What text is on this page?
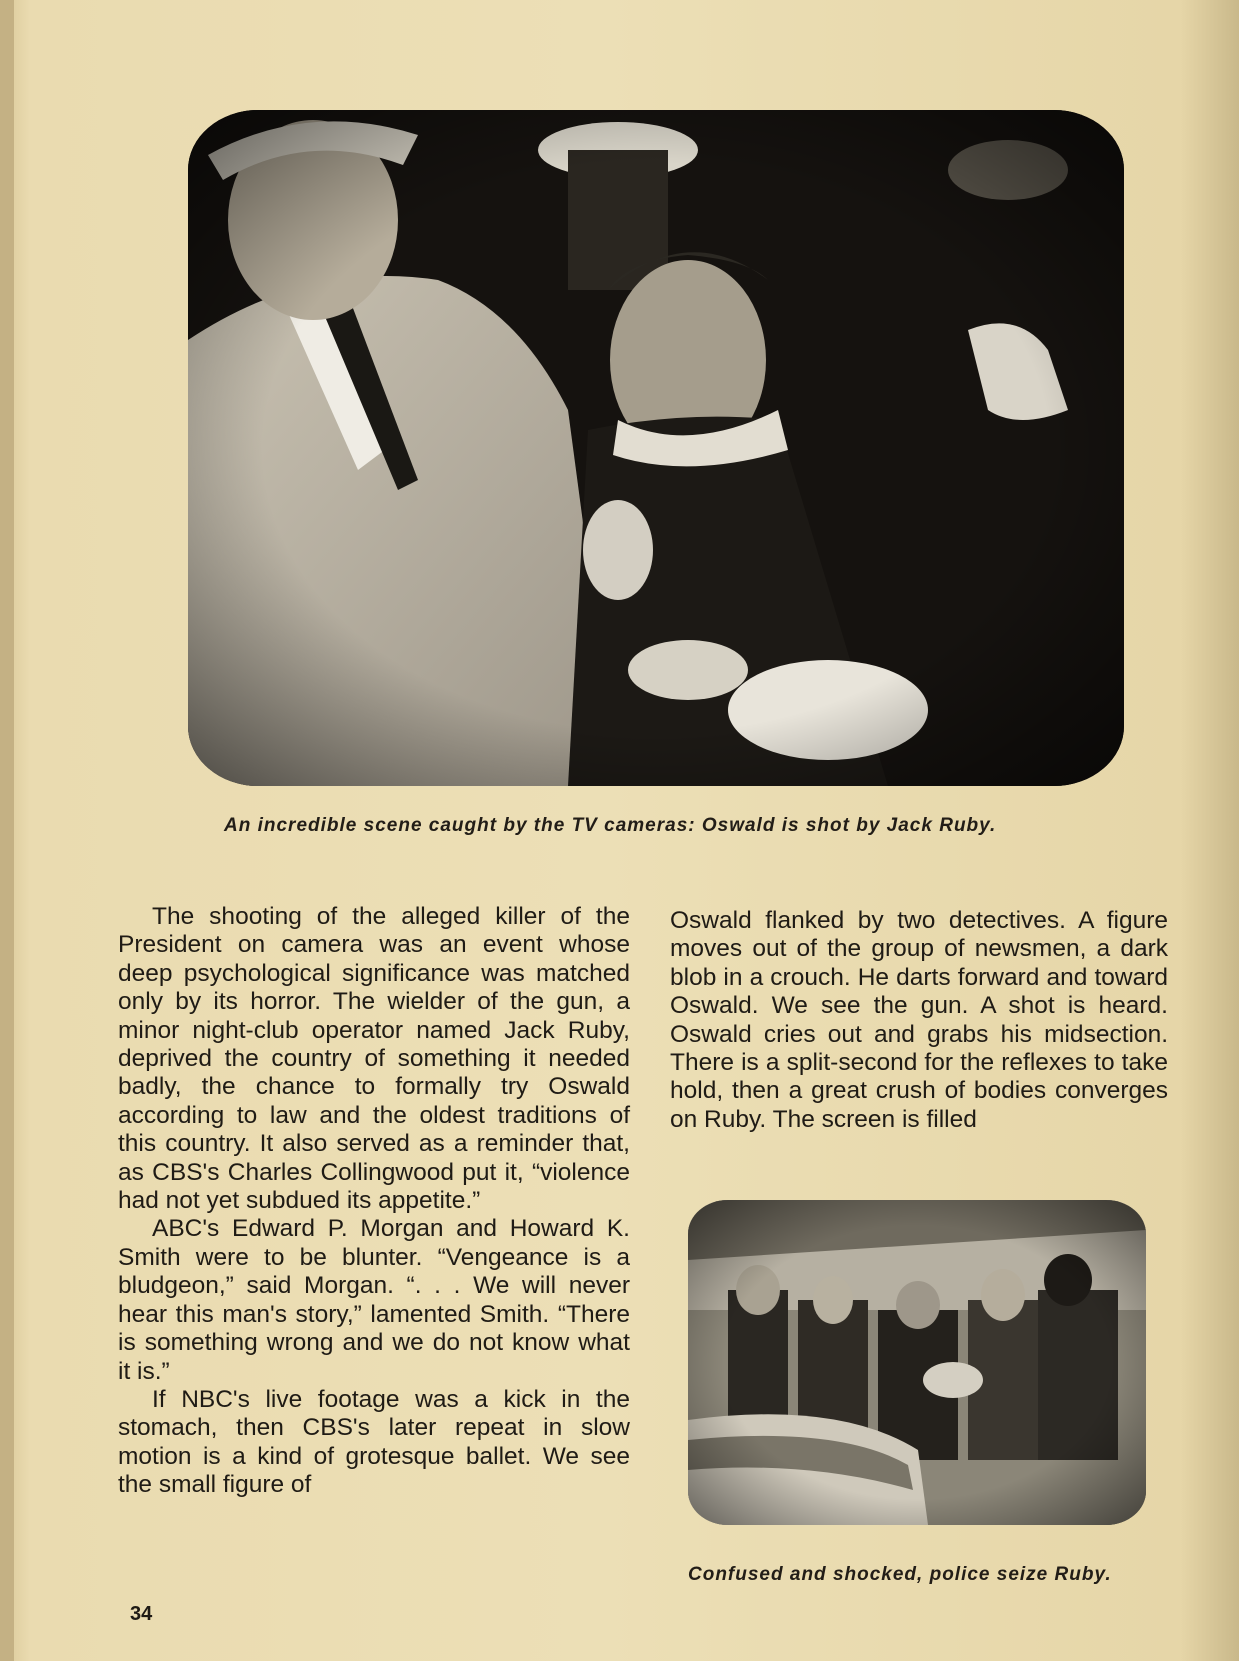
An incredible scene caught by the TV cameras: Oswald is shot by Jack Ruby.

The shooting of the alleged killer of the President on camera was an event whose deep psychological significance was matched only by its horror. The wielder of the gun, a minor night-club operator named Jack Ruby, deprived the country of something it needed badly, the chance to formally try Oswald according to law and the oldest traditions of this country. It also served as a reminder that, as CBS's Charles Collingwood put it, “violence had not yet subdued its appetite.”

ABC's Edward P. Morgan and Howard K. Smith were to be blunter. “Vengeance is a bludgeon,” said Morgan. “. . . We will never hear this man's story,” lamented Smith. “There is something wrong and we do not know what it is.”

If NBC's live footage was a kick in the stomach, then CBS's later repeat in slow motion is a kind of grotesque ballet. We see the small figure of

Oswald flanked by two detectives. A figure moves out of the group of newsmen, a dark blob in a crouch. He darts forward and toward Oswald. We see the gun. A shot is heard. Oswald cries out and grabs his midsection. There is a split-second for the reflexes to take hold, then a great crush of bodies converges on Ruby. The screen is filled

Confused and shocked, police seize Ruby.
34
